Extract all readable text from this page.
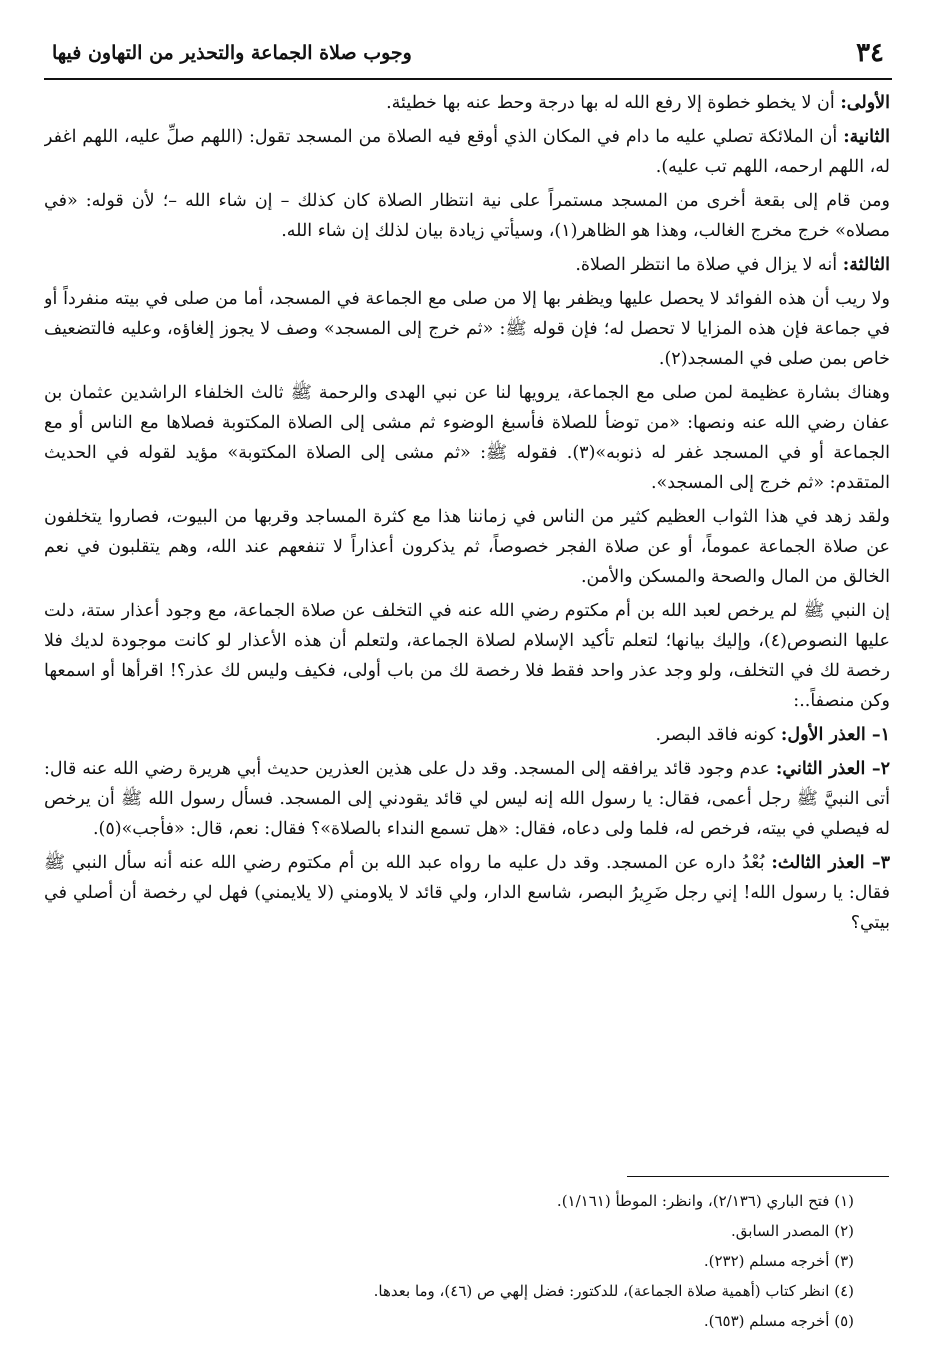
٣٤
وجوب صلاة الجماعة والتحذير من التهاون فيها

الأولى: أن لا يخطو خطوة إلا رفع الله له بها درجة وحط عنه بها خطيئة.

الثانية: أن الملائكة تصلي عليه ما دام في المكان الذي أوقع فيه الصلاة من المسجد تقول: (اللهم صلِّ عليه، اللهم اغفر له، اللهم ارحمه، اللهم تب عليه).

ومن قام إلى بقعة أخرى من المسجد مستمراً على نية انتظار الصلاة كان كذلك – إن شاء الله –؛ لأن قوله: «في مصلاه» خرج مخرج الغالب، وهذا هو الظاهر(١)، وسيأتي زيادة بيان لذلك إن شاء الله.

الثالثة: أنه لا يزال في صلاة ما انتظر الصلاة.

ولا ريب أن هذه الفوائد لا يحصل عليها ويظفر بها إلا من صلى مع الجماعة في المسجد، أما من صلى في بيته منفرداً أو في جماعة فإن هذه المزايا لا تحصل له؛ فإن قوله ﷺ: «ثم خرج إلى المسجد» وصف لا يجوز إلغاؤه، وعليه فالتضعيف خاص بمن صلى في المسجد(٢).

وهناك بشارة عظيمة لمن صلى مع الجماعة، يرويها لنا عن نبي الهدى والرحمة ﷺ ثالث الخلفاء الراشدين عثمان بن عفان رضي الله عنه ونصها: «من توضأ للصلاة فأسبغ الوضوء ثم مشى إلى الصلاة المكتوبة فصلاها مع الناس أو مع الجماعة أو في المسجد غفر له ذنوبه»(٣). فقوله ﷺ: «ثم مشى إلى الصلاة المكتوبة» مؤيد لقوله في الحديث المتقدم: «ثم خرج إلى المسجد».

ولقد زهد في هذا الثواب العظيم كثير من الناس في زماننا هذا مع كثرة المساجد وقربها من البيوت، فصاروا يتخلفون عن صلاة الجماعة عموماً، أو عن صلاة الفجر خصوصاً، ثم يذكرون أعذاراً لا تنفعهم عند الله، وهم يتقلبون في نعم الخالق من المال والصحة والمسكن والأمن.

إن النبي ﷺ لم يرخص لعبد الله بن أم مكتوم رضي الله عنه في التخلف عن صلاة الجماعة، مع وجود أعذار ستة، دلت عليها النصوص(٤)، وإليك بيانها؛ لتعلم تأكيد الإسلام لصلاة الجماعة، ولتعلم أن هذه الأعذار لو كانت موجودة لديك فلا رخصة لك في التخلف، ولو وجد عذر واحد فقط فلا رخصة لك من باب أولى، فكيف وليس لك عذر؟! اقرأها أو اسمعها وكن منصفاً..:

١– العذر الأول: كونه فاقد البصر.

٢– العذر الثاني: عدم وجود قائد يرافقه إلى المسجد. وقد دل على هذين العذرين حديث أبي هريرة رضي الله عنه قال: أتى النبيَّ ﷺ رجل أعمى، فقال: يا رسول الله إنه ليس لي قائد يقودني إلى المسجد. فسأل رسول الله ﷺ أن يرخص له فيصلي في بيته، فرخص له، فلما ولى دعاه، فقال: «هل تسمع النداء بالصلاة»؟ فقال: نعم، قال: «فأجب»(٥).

٣– العذر الثالث: بُعْدُ داره عن المسجد. وقد دل عليه ما رواه عبد الله بن أم مكتوم رضي الله عنه أنه سأل النبي ﷺ فقال: يا رسول الله! إني رجل ضَرِيرُ البصر، شاسع الدار، ولي قائد لا يلاومني (لا يلايمني) فهل لي رخصة أن أصلي في بيتي؟

(١) فتح الباري (٢/١٣٦)، وانظر: الموطأ (١/١٦١).
(٢) المصدر السابق.
(٣) أخرجه مسلم (٢٣٢).
(٤) انظر كتاب (أهمية صلاة الجماعة)، للدكتور: فضل إلهي ص (٤٦)، وما بعدها.
(٥) أخرجه مسلم (٦٥٣).
